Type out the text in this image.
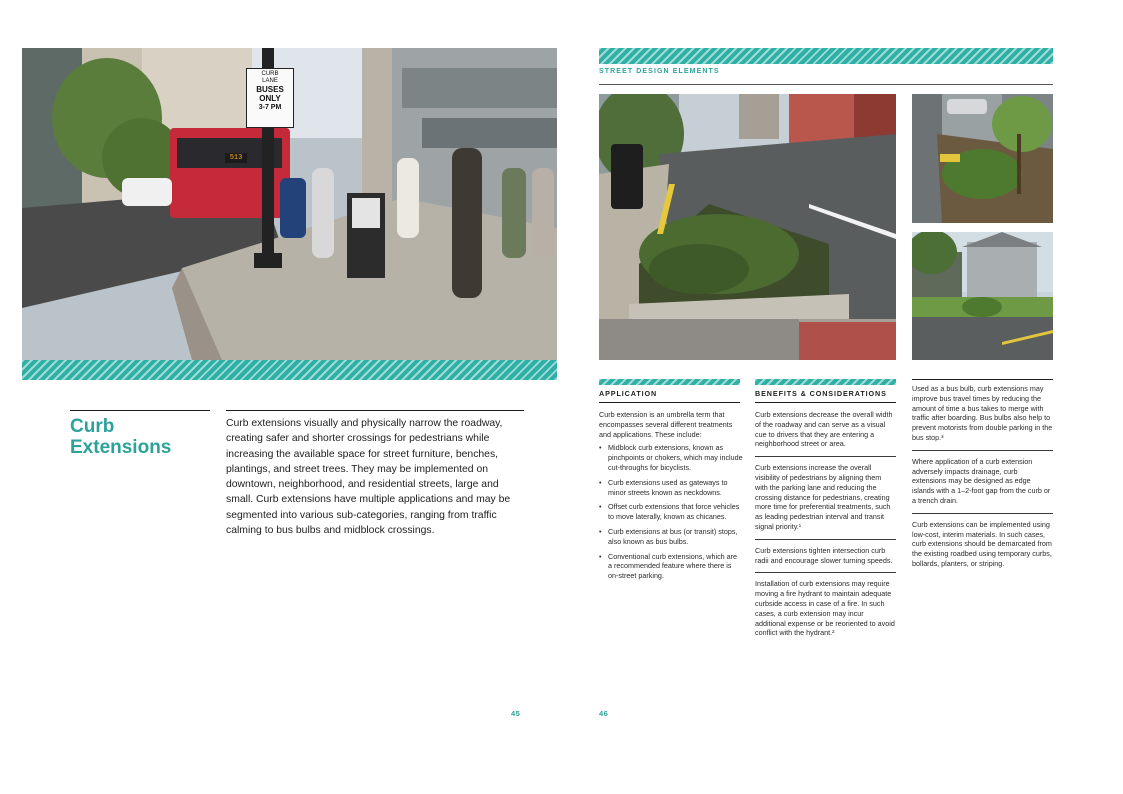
CURB
LANE
BUSES
ONLY
3-7 PM
513
Curb
Extensions

Curb extensions visually and physically narrow the roadway, creating safer and shorter crossings for pedestrians while increasing the available space for street furniture, benches, plantings, and street trees. They may be implemented on downtown, neighborhood, and residential streets, large and small. Curb extensions have multiple applications and may be segmented into various sub-categories, ranging from traffic calming to bus bulbs and midblock crossings.

45
STREET DESIGN ELEMENTS
APPLICATION

Curb extension is an umbrella term that encompasses several different treatments and applications. These include:

• Midblock curb extensions, known as pinchpoints or chokers, which may include cut-throughs for bicyclists.
• Curb extensions used as gateways to minor streets known as neckdowns.
• Offset curb extensions that force vehicles to move laterally, known as chicanes.
• Curb extensions at bus (or transit) stops, also known as bus bulbs.
• Conventional curb extensions, which are a recommended feature where there is on-street parking.
BENEFITS & CONSIDERATIONS

Curb extensions decrease the overall width of the roadway and can serve as a visual cue to drivers that they are entering a neighborhood street or area.

Curb extensions increase the overall visibility of pedestrians by aligning them with the parking lane and reducing the crossing distance for pedestrians, creating more time for preferential treatments, such as leading pedestrian interval and transit signal priority.¹

Curb extensions tighten intersection curb radii and encourage slower turning speeds.

Installation of curb extensions may require moving a fire hydrant to maintain adequate curbside access in case of a fire. In such cases, a curb extension may incur additional expense or be reoriented to avoid conflict with the hydrant.²

Used as a bus bulb, curb extensions may improve bus travel times by reducing the amount of time a bus takes to merge with traffic after boarding. Bus bulbs also help to prevent motorists from double parking in the bus stop.³

Where application of a curb extension adversely impacts drainage, curb extensions may be designed as edge islands with a 1–2-foot gap from the curb or a trench drain.

Curb extensions can be implemented using low-cost, interim materials. In such cases, curb extensions should be demarcated from the existing roadbed using temporary curbs, bollards, planters, or striping.

46
